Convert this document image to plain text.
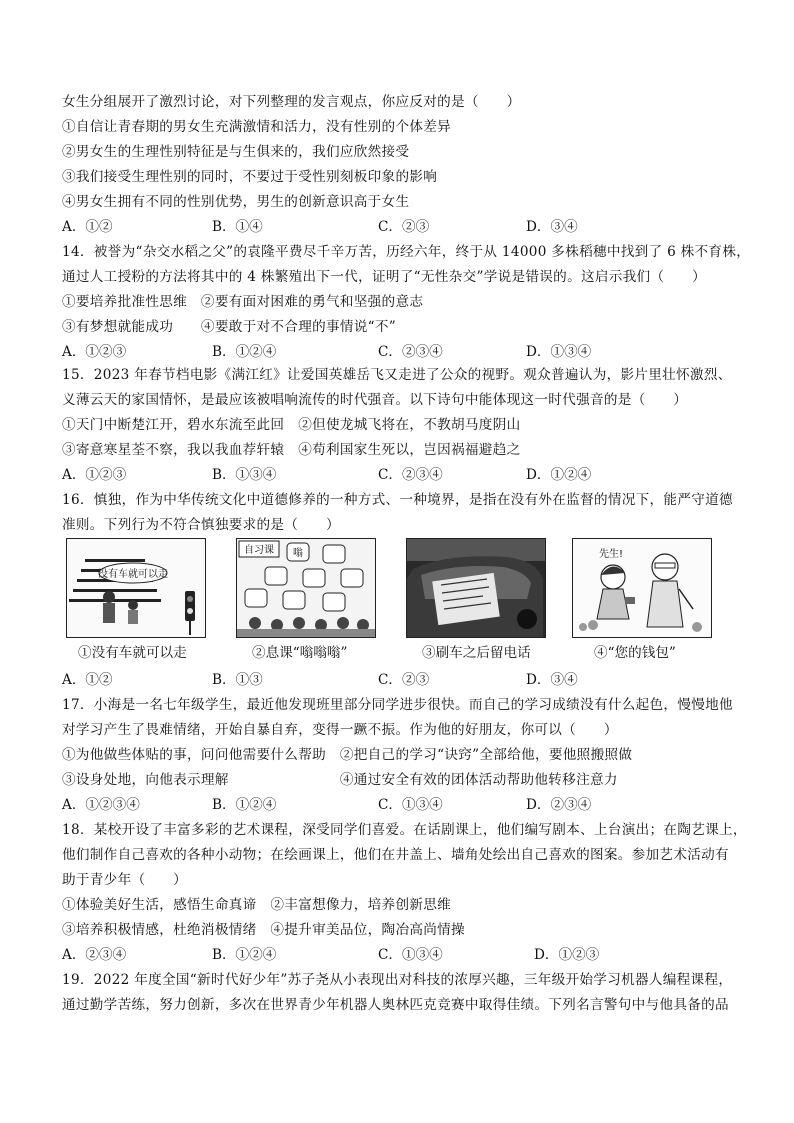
女生分组展开了激烈讨论，对下列整理的发言观点，你应反对的是（　　）
①自信让青春期的男女生充满激情和活力，没有性别的个体差异
②男女生的生理性别特征是与生俱来的，我们应欣然接受
③我们接受生理性别的同时，不要过于受性别刻板印象的影响
④男女生拥有不同的性别优势，男生的创新意识高于女生
A．①②	B．①④	C．②③	D．③④
14．被誉为“杂交水稻之父”的袁隆平费尽千辛万苦，历经六年，终于从 14000 多株稻穗中找到了 6 株不育株，
通过人工授粉的方法将其中的 4 株繁殖出下一代，证明了“无性杂交”学说是错误的。这启示我们（　　）
①要培养批准性思维　②要有面对困难的勇气和坚强的意志
③有梦想就能成功　　④要敢于对不合理的事情说“不”
A．①②③	B．①②④	C．②③④	D．①③④
15．2023 年春节档电影《满江红》让爱国英雄岳飞又走进了公众的视野。观众普遍认为，影片里壮怀激烈、
义薄云天的家国情怀，是最应该被唱响流传的时代强音。以下诗句中能体现这一时代强音的是（　　）
①天门中断楚江开，碧水东流至此回　②但使龙城飞将在，不教胡马度阴山
③寄意寒星荃不察，我以我血荐轩辕　④苟利国家生死以，岂因祸福避趋之
A．①②③	B．①③④	C．②③④	D．①②④
16．慎独，作为中华传统文化中道德修养的一种方式、一种境界，是指在没有外在监督的情况下，能严守道德
准则。下列行为不符合慎独要求的是（　　）
没有车就可以走
①没有车就可以走
自习课 嗡
②息课“嗡嗡嗡”	③刷车之后留电话
先生!
④“您的钱包”
A．①②	B．①③	C．②③	D．③④
17．小海是一名七年级学生，最近他发现班里部分同学进步很快。而自己的学习成绩没有什么起色，慢慢地他
对学习产生了畏难情绪，开始自暴自弃，变得一蹶不振。作为他的好朋友，你可以（　　）
①为他做些体贴的事，问问他需要什么帮助　②把自己的学习“诀窍”全部给他，要他照搬照做
③设身处地，向他表示理解　　　　　　　　④通过安全有效的团体活动帮助他转移注意力
A．①②③④	B．①②④	C．①③④	D．②③④
18．某校开设了丰富多彩的艺术课程，深受同学们喜爱。在话剧课上，他们编写剧本、上台演出；在陶艺课上，
他们制作自己喜欢的各种小动物；在绘画课上，他们在井盖上、墙角处绘出自己喜欢的图案。参加艺术活动有
助于青少年（　　）
①体验美好生活，感悟生命真谛　②丰富想像力，培养创新思维
③培养积极情感，杜绝消极情绪　④提升审美品位，陶冶高尚情操
A．②③④	B．①②④	C．①③④	D．①②③
19．2022 年度全国“新时代好少年”苏子尧从小表现出对科技的浓厚兴趣，三年级开始学习机器人编程课程，
通过勤学苦练，努力创新，多次在世界青少年机器人奥林匹克竞赛中取得佳绩。下列名言警句中与他具备的品
